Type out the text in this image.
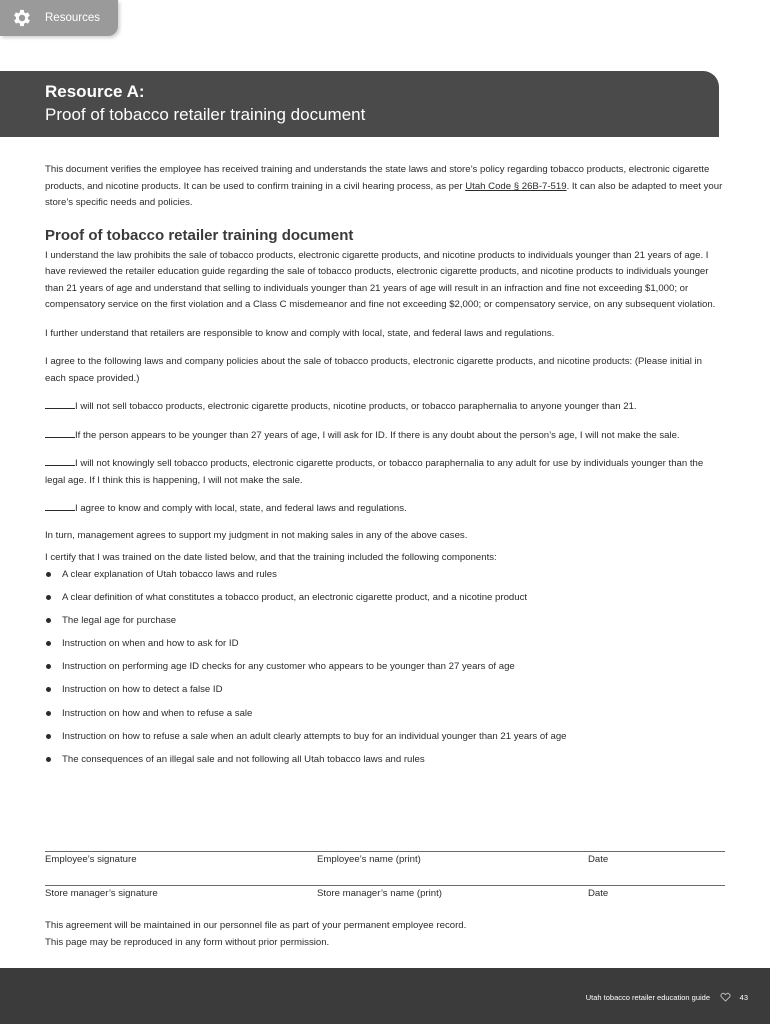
Resources
Resource A:
Proof of tobacco retailer training document

This document verifies the employee has received training and understands the state laws and store’s policy regarding tobacco products, electronic cigarette products, and nicotine products. It can be used to confirm training in a civil hearing process, as per Utah Code § 26B-7-519. It can also be adapted to meet your store’s specific needs and policies.

Proof of tobacco retailer training document

I understand the law prohibits the sale of tobacco products, electronic cigarette products, and nicotine products to individuals younger than 21 years of age. I have reviewed the retailer education guide regarding the sale of tobacco products, electronic cigarette products, and nicotine products to individuals younger than 21 years of age and understand that selling to individuals younger than 21 years of age will result in an infraction and fine not exceeding $1,000; or compensatory service on the first violation and a Class C misdemeanor and fine not exceeding $2,000; or compensatory service, on any subsequent violation.

I further understand that retailers are responsible to know and comply with local, state, and federal laws and regulations.

I agree to the following laws and company policies about the sale of tobacco products, electronic cigarette products, and nicotine products: (Please initial in each space provided.)

I will not sell tobacco products, electronic cigarette products, nicotine products, or tobacco paraphernalia to anyone younger than 21.

If the person appears to be younger than 27 years of age, I will ask for ID. If there is any doubt about the person’s age, I will not make the sale.

I will not knowingly sell tobacco products, electronic cigarette products, or tobacco paraphernalia to any adult for use by individuals younger than the legal age. If I think this is happening, I will not make the sale.

I agree to know and comply with local, state, and federal laws and regulations.

In turn, management agrees to support my judgment in not making sales in any of the above cases.

I certify that I was trained on the date listed below, and that the training included the following components:

A clear explanation of Utah tobacco laws and rules
A clear definition of what constitutes a tobacco product, an electronic cigarette product, and a nicotine product
The legal age for purchase
Instruction on when and how to ask for ID
Instruction on performing age ID checks for any customer who appears to be younger than 27 years of age
Instruction on how to detect a false ID
Instruction on how and when to refuse a sale
Instruction on how to refuse a sale when an adult clearly attempts to buy for an individual younger than 21 years of age
The consequences of an illegal sale and not following all Utah tobacco laws and rules
Employee’s signature	Employee’s name (print)	Date
Store manager’s signature	Store manager’s name (print)	Date

This agreement will be maintained in our personnel file as part of your permanent employee record.

This page may be reproduced in any form without prior permission.

Utah tobacco retailer education guide	43
